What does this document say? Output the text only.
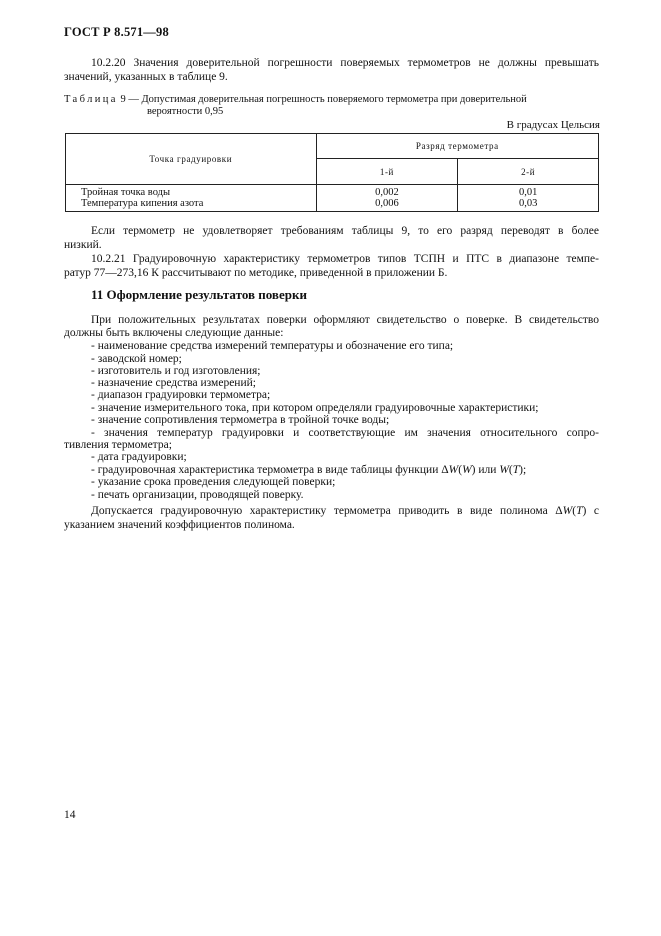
ГОСТ Р 8.571—98
10.2.20 Значения доверительной погрешности поверяемых термометров не должны превышать
значений, указанных в таблице 9.
Таблица 9 — Допустимая доверительная погрешность поверяемого термометра при доверительной
вероятности 0,95
В градусах Цельсия
Точка градуировки	Разряд термометра	
	1-й	2-й
Тройная точка воды	0,002	0,01
Температура кипения азота	0,006	0,03
Если термометр не удовлетворяет требованиям таблицы 9, то его разряд переводят в более
низкий.
10.2.21 Градуировочную характеристику термометров типов ТСПН и ПТС в диапазоне темпе-
ратур 77—273,16 К рассчитывают по методике, приведенной в приложении Б.
11 Оформление результатов поверки
При положительных результатах поверки оформляют свидетельство о поверке. В свидетельство
должны быть включены следующие данные:
- наименование средства измерений температуры и обозначение его типа;
- заводской номер;
- изготовитель и год изготовления;
- назначение средства измерений;
- диапазон градуировки термометра;
- значение измерительного тока, при котором определяли градуировочные характеристики;
- значение сопротивления термометра в тройной точке воды;
- значения температур градуировки и соответствующие им значения относительного сопро-
тивления термометра;
- дата градуировки;
- градуировочная характеристика термометра в виде таблицы функции ΔW(W) или W(T);
- указание срока проведения следующей поверки;
- печать организации, проводящей поверку.
Допускается градуировочную характеристику термометра приводить в виде полинома ΔW(T) с
указанием значений коэффициентов полинома.
14
